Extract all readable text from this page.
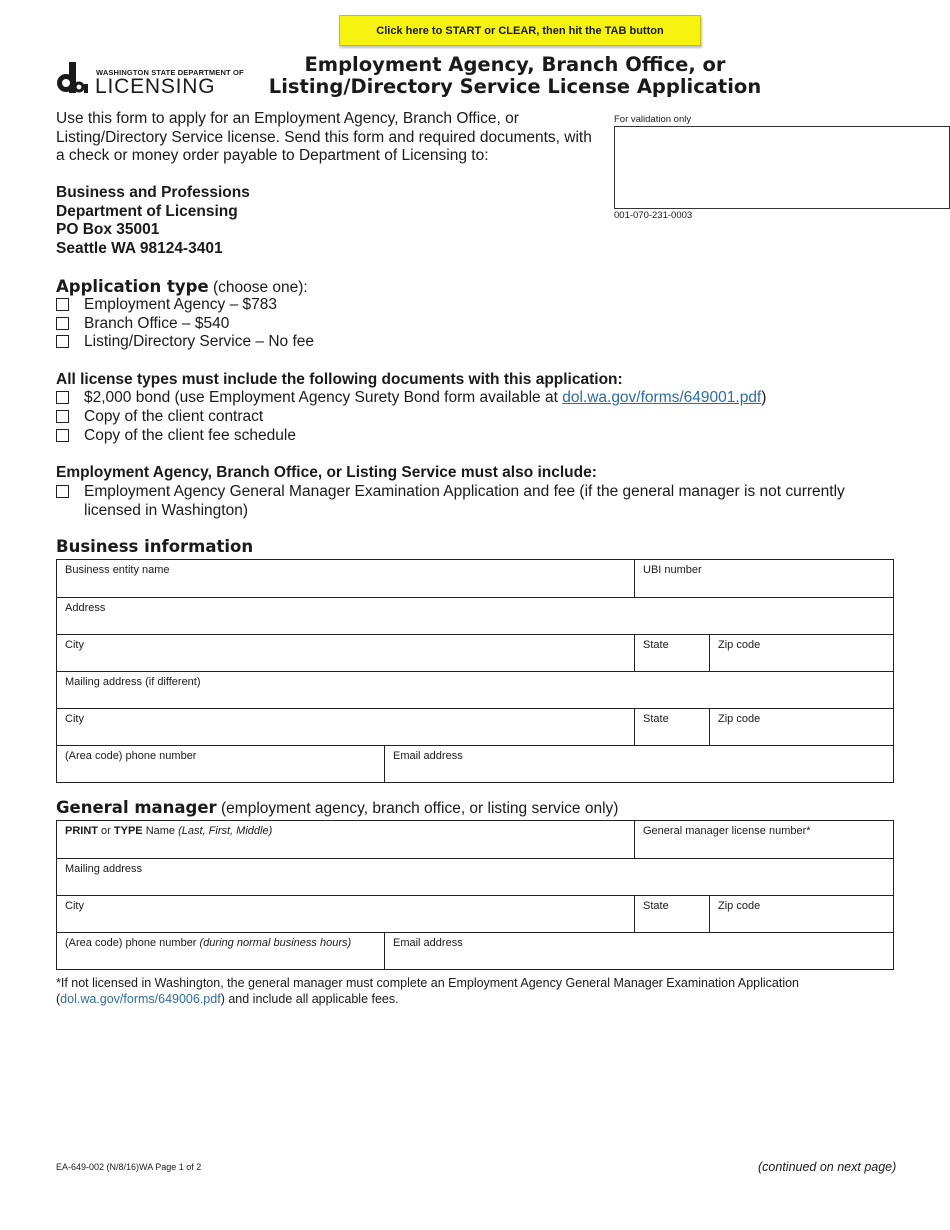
Click here to START or CLEAR, then hit the TAB button
WASHINGTON STATE DEPARTMENT OF
LICENSING
Employment Agency, Branch Office, or
Listing/Directory Service License Application
Use this form to apply for an Employment Agency, Branch Office, or Listing/Directory Service license. Send this form and required documents, with a check or money order payable to Department of Licensing to:
Business and Professions
Department of Licensing
PO Box 35001
Seattle WA 98124-3401
For validation only
001-070-231-0003
Application type (choose one):
Employment Agency – $783
Branch Office – $540
Listing/Directory Service – No fee
All license types must include the following documents with this application:
$2,000 bond (use Employment Agency Surety Bond form available at dol.wa.gov/forms/649001.pdf)
Copy of the client contract
Copy of the client fee schedule
Employment Agency, Branch Office, or Listing Service must also include:
Employment Agency General Manager Examination Application and fee (if the general manager is not currently licensed in Washington)
Business information
Business entity name	UBI number
Address
City	State	Zip code
Mailing address (if different)
City	State	Zip code
(Area code) phone number	Email address
General manager (employment agency, branch office, or listing service only)
PRINT or TYPE Name (Last, First, Middle)	General manager license number*
Mailing address
City	State	Zip code
(Area code) phone number (during normal business hours)	Email address
*If not licensed in Washington, the general manager must complete an Employment Agency General Manager Examination Application (dol.wa.gov/forms/649006.pdf) and include all applicable fees.
EA-649-002 (N/8/16)WA Page 1 of 2	(continued on next page)
